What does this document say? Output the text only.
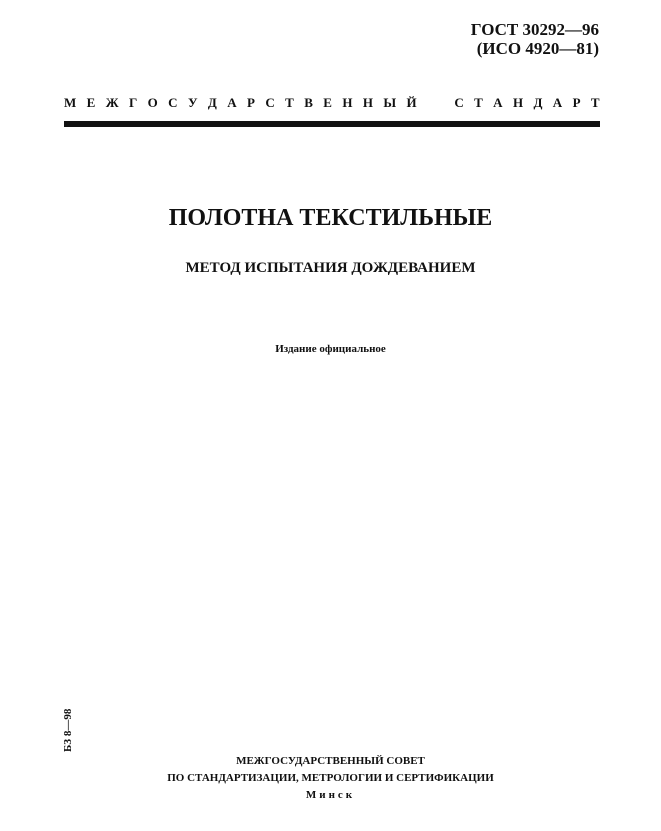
ГОСТ 30292—96
(ИСО 4920—81)
М Е Ж Г О С У Д А Р С Т В Е Н Н Ы Й

	С Т А Н Д А Р Т
ПОЛОТНА ТЕКСТИЛЬНЫЕ
МЕТОД ИСПЫТАНИЯ ДОЖДЕВАНИЕМ
Издание официальное
БЗ 8—98
МЕЖГОСУДАРСТВЕННЫЙ СОВЕТ
ПО СТАНДАРТИЗАЦИИ, МЕТРОЛОГИИ И СЕРТИФИКАЦИИ
Минск
